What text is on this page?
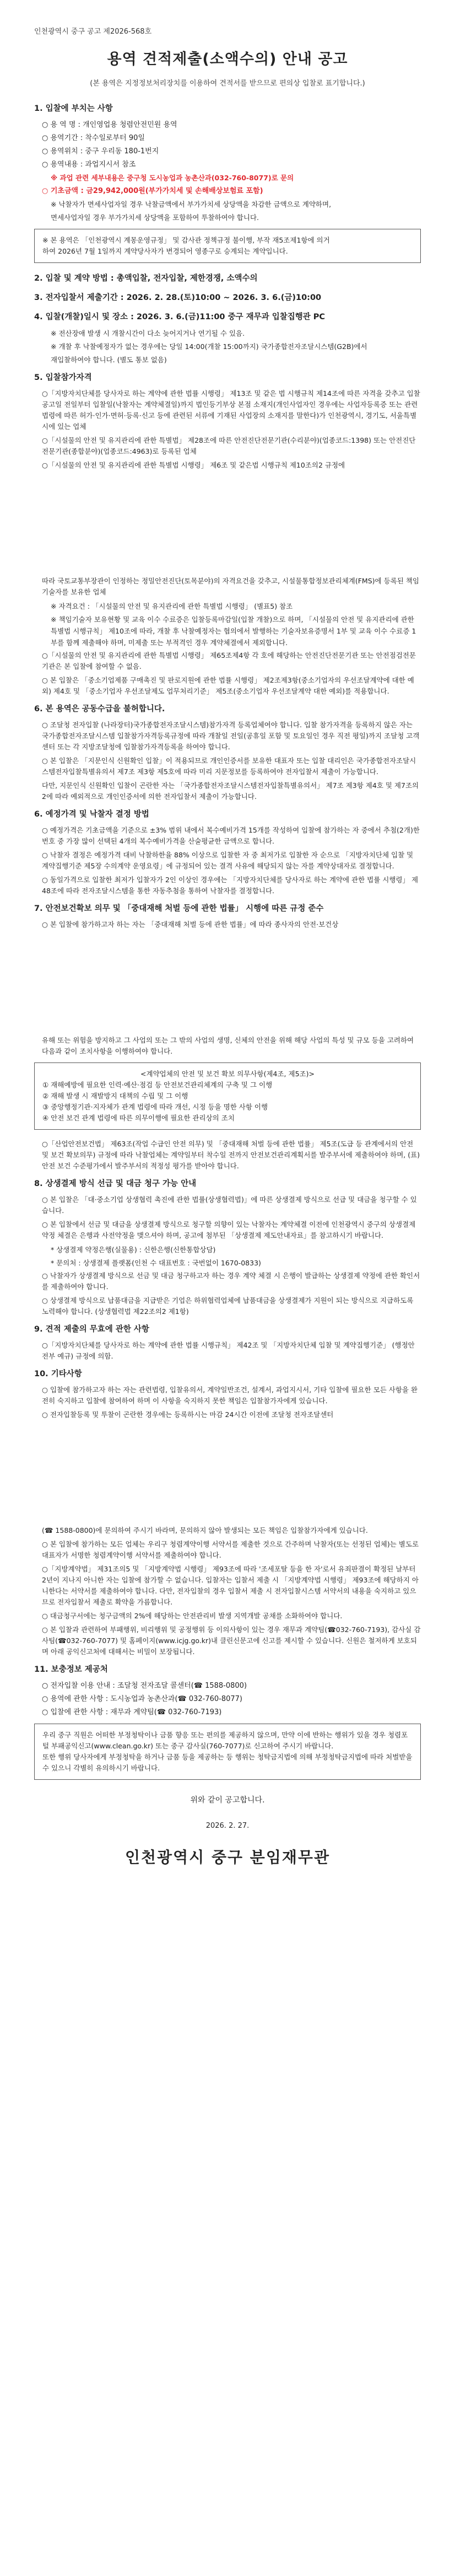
인천광역시 중구 공고 제2026-568호
용역 견적제출(소액수의) 안내 공고
(본 용역은 지정정보처리장치를 이용하여 견적서를 받으므로 편의상 입찰로 표기합니다.)
1. 입찰에 부치는 사항
○ 용 역 명 : 개인영업용 청렴안전민원 용역
○ 용역기간 : 착수일로부터 90일
○ 용역위치 : 중구 우리동 180-1번지
○ 용역내용 : 과업지시서 참조
※ 과업 관련 세부내용은 중구청 도시농업과 농촌산과(032-760-8077)로 문의
○ 기초금액 : 금29,942,000원(부가가치세 및 손해배상보험료 포함)
※ 낙찰자가 면세사업자일 경우 낙찰금액에서 부가가치세 상당액을 차감한 금액으로 계약하며,
면세사업자일 경우 부가가치세 상당액을 포함하여 투찰하여야 합니다.
※ 본 용역은 「인천광역시 계몽운영규정」 및 감사관 정책규정 불이행, 부작 재5조제1항에 의거
하여 2026년 7월 1일까지 계약당사자가 변경되어 영종구로 승계되는 계약입니다.
2. 입찰 및 계약 방법 : 총액입찰, 전자입찰, 제한경쟁, 소액수의
3. 전자입찰서 제출기간 : 2026. 2. 28.(토)10:00 ~ 2026. 3. 6.(금)10:00
4. 입찰(개찰)일시 및 장소 : 2026. 3. 6.(금)11:00 중구 재무과 입찰집행관 PC
※ 전산장애 발생 시 개찰시간이 다소 늦어지거나 연기될 수 있음.
※ 개찰 후 낙찰예정자가 없는 경우에는 당일 14:00(개찰 15:00까지) 국가종합전자조달시스템(G2B)에서
재입찰하여야 합니다. (별도 통보 없음)
5. 입찰참가자격
○「지방자치단체를 당사자로 하는 계약에 관한 법률 시행령」 제13조 및 같은 법 시행규칙 제14조에 따른 자격을 갖추고 입찰공고일 전일부터 입찰일(낙찰자는 계약체결일)까지 법인등기부상 본점 소재지(개인사업자인 경우에는 사업자등록증 또는 관련 법령에 따른 허가·인가·면허·등록·신고 등에 관련된 서류에 기재된 사업장의 소재지를 말한다)가 인천광역시, 경기도, 서울특별시에 있는 업체
○「시설물의 안전 및 유지관리에 관한 특별법」 제28조에 따른 안전진단전문기관(수리분야)(업종코드:1398) 또는 안전진단전문기관(종합분야)(업종코드:4963)로 등록된 업체
○「시설물의 안전 및 유지관리에 관한 특별법 시행령」 제6조 및 같은법 시행규칙 제10조의2 규정에
따라 국토교통부장관이 인정하는 정밀안전진단(토목분야)의 자격요건을 갖추고, 시설물통합정보관리체계(FMS)에 등록된 책임기술자를 보유한 업체
※ 자격요건 : 「시설물의 안전 및 유지관리에 관한 특별법 시행령」 (별표5) 참조
※ 책임기술자 보유현황 및 교육 이수 수료증은 입찰등록마감일(입찰 개찰)으로 하며, 「시설물의 안전 및 유지관리에 관한 특별법 시행규칙」 제10조에 따라, 개찰 후 낙찰예정자는 협의에서 발행하는 기술자보유증명서 1부 및 교육 이수 수료증 1부를 함께 제출해야 하며, 미제출 또는 부적격인 경우 계약체결에서 제외합니다.
○「시설물의 안전 및 유지관리에 관한 특별법 시행령」 제65조제4항 각 호에 해당하는 안전진단전문기관 또는 안전점검전문기관은 본 입찰에 참여할 수 없음.
○ 본 입찰은 「중소기업제품 구매촉진 및 판로지원에 관한 법률 시행령」 제2조제3항(중소기업자의 우선조달계약에 대한 예외) 제4호 및 「중소기업자 우선조달제도 업무처리기준」 제5조(중소기업자 우선조달계약 대한 예외)를 적용합니다.
6. 본 용역은 공동수급을 불허합니다.
○ 조달청 전자입찰 (나라장터)국가종합전자조달시스템)참가자격 등록업체여야 합니다. 입찰 참가자격을 등록하지 않은 자는 국가종합전자조달시스템 입찰참가자격등록규정에 따라 개찰일 전일(공휴일 포함 및 토요일인 경우 직전 평일)까지 조달청 고객센터 또는 각 지방조달청에 입찰참가자격등록을 하여야 합니다.
○ 본 입찰은 「지문인식 신원확인 입찰」이 적용되므로 개인인증서를 보유한 대표자 또는 입찰 대리인은 국가종합전자조달시스템전자입찰특별유의서 제7조 제3항 제5호에 따라 미리 지문정보를 등록하여야 전자입찰서 제출이 가능합니다.
다만, 지문인식 신원확인 입찰이 곤란한 자는 「국가종합전자조달시스템전자입찰특별유의서」 제7조 제3항 제4호 및 제7조의 2에 따라 예외적으로 개인인증서에 의한 전자입찰서 제출이 가능합니다.
6. 예정가격 및 낙찰자 결정 방법
○ 예정가격은 기초금액을 기준으로 ±3% 범위 내에서 복수예비가격 15개를 작성하여 입찰에 참가하는 자 중에서 추첨(2개)한 번호 중 가장 많이 선택된 4개의 복수예비가격을 산술평균한 금액으로 합니다.
○ 낙찰자 결정은 예정가격 대비 낙찰하한율 88% 이상으로 입찰한 자 중 최저가로 입찰한 자 순으로 「지방자치단체 입찰 및 계약집행기준 제5장 수의계약 운영요령」에 규정되어 있는 결격 사유에 해당되지 않는 자를 계약상대자로 결정합니다.
○ 동일가격으로 입찰한 최저가 입찰자가 2인 이상인 경우에는 「지방자치단체를 당사자로 하는 계약에 관한 법률 시행령」 제48조에 따라 전자조달시스템을 통한 자동추첨을 통하여 낙찰자를 결정합니다.
7. 안전보건확보 의무 및 「중대재해 처벌 등에 관한 법률」 시행에 따른 규정 준수
○ 본 입찰에 참가하고자 하는 자는 「중대재해 처벌 등에 관한 법률」에 따라 종사자의 안전·보건상
유해 또는 위험을 방지하고 그 사업의 또는 그 밖의 사업의 생명, 신체의 안전을 위해 해당 사업의 특성 및 규모 등을 고려하여 다음과 같이 조치사항을 이행하여야 합니다.
<계약업체의 안전 및 보건 확보 의무사항(제4조, 제5조)>
① 재해예방에 필요한 인력·예산·점검 등 안전보건관리체계의 구축 및 그 이행
② 재해 발생 시 재발방지 대책의 수립 및 그 이행
③ 중앙행정기관·지자체가 관계 법령에 따라 개선, 시정 등을 명한 사항 이행
④ 안전 보건 관계 법령에 따른 의무이행에 필요한 관리상의 조치
○「산업안전보건법」 제63조(작업 수급인 안전 의무) 및 「중대재해 처벌 등에 관한 법률」 제5조(도급 등 관계에서의 안전 및 보건 확보의무) 규정에 따라 낙찰업체는 계약일부터 착수일 전까지 안전보건관리계획서를 발주부서에 제출하여야 하며, (표)안전 보건 수준평가에서 발주부서의 적정성 평가를 받아야 합니다.
8. 상생결제 방식 선급 및 대금 청구 가능 안내
○ 본 입찰은 「대·중소기업 상생협력 촉진에 관한 법률(상생협력법)」에 따른 상생결제 방식으로 선급 및 대금을 청구할 수 있습니다.
○ 본 입찰에서 선금 및 대금을 상생결제 방식으로 청구할 의향이 있는 낙찰자는 계약체결 이전에 인천광역시 중구의 상생결제 약정 체결은 은행과 사전약정을 맺으셔야 하며, 공고에 첨부된 「상생결제 제도안내자료」를 참고하시기 바랍니다.
* 상생결제 약정은행(실물용) : 신한은행(신한통합상담)
* 문의처 : 상생결제 플랫폼(인천 수 대표번호 : 국번없이 1670-0833)
○ 낙찰자가 상생결제 방식으로 선금 및 대금 청구하고자 하는 경우 계약 체결 시 은행이 발급하는 상생결제 약정에 관한 확인서를 제출하여야 합니다.
○ 상생결제 방식으로 납품대금을 지급받은 기업은 하위협력업체에 납품대금을 상생결제가 지원이 되는 방식으로 지급하도록 노력해야 합니다. (상생협력법 제22조의2 제1항)
9. 견적 제출의 무효에 관한 사항
○「지방자치단체를 당사자로 하는 계약에 관한 법률 시행규칙」 제42조 및 「지방자치단체 입찰 및 계약집행기준」 (행정안전부 예규) 규정에 의함.
10. 기타사항
○ 입찰에 참가하고자 하는 자는 관련법령, 입찰유의서, 계약일반조건, 설계서, 과업지시서, 기타 입찰에 필요한 모든 사항을 완전히 숙지하고 입찰에 참여하여 하며 이 사항을 숙지하지 못한 책임은 입찰참가자에게 있습니다.
○ 전자입찰등록 및 투찰이 곤란한 경우에는 등록하시는 마감 24시간 이전에 조달청 전자조달센터
(☎ 1588-0800)에 문의하여 주시기 바라며, 문의하지 않아 발생되는 모든 책임은 입찰참가자에게 있습니다.
○ 본 입찰에 참가하는 모든 업체는 우리구 청렴계약이행 서약서를 제출한 것으로 간주하며 낙찰자(또는 선정된 업체)는 별도로 대표자가 서명한 청렴계약이행 서약서를 제출하여야 합니다.
○「지방계약법」 제31조의5 및 「지방계약법 시행령」 제93조에 따라 '조세포탈 등을 한 자'로서 유죄판결이 확정된 날부터 2년이 지나지 아니한 자는 입찰에 참가할 수 없습니다. 입찰자는 입찰서 제출 시 「지방계약법 시행령」 제93조에 해당하지 아니한다는 서약서를 제출하여야 합니다. 다만, 전자입찰의 경우 입찰서 제출 시 전자입찰시스템 서약서의 내용을 숙지하고 있으므로 전자입찰서 제출로 확약을 가름합니다.
○ 대금청구서에는 청구금액의 2%에 해당하는 안전관리비 발생 지역개발 공채를 소화하여야 합니다.
○ 본 입찰과 관련하여 부패행위, 비리행위 및 공정행위 등 이의사항이 있는 경우 재무과 계약팀(☎032-760-7193), 감사실 감사팀(☎032-760-7077) 및 홈페이지(www.icjg.go.kr)내 클린신문고에 신고를 제시할 수 있습니다. 신원은 철저하게 보호되며 아래 공익신고처에 대해서는 비밀이 보장됩니다.
11. 보충정보 제공처
○ 전자입찰 이용 안내 : 조달청 전자조달 콜센터(☎ 1588-0800)
○ 용역에 관한 사항 : 도시농업과 농촌산과(☎ 032-760-8077)
○ 입찰에 관한 사항 : 재무과 계약팀(☎ 032-760-7193)
우리 중구 직원은 어떠한 부정청탁이나 금품 향응 또는 편의를 제공하지 않으며, 만약 이에 반하는 행위가 있을 경우 청렴포털 부패공익신고(www.clean.go.kr) 또는 중구 감사실(760-7077)로 신고하여 주시기 바랍니다.
또한 행위 당사자에게 부정청탁을 하거나 금품 등을 제공하는 등 행위는 청탁금지법에 의해 부정청탁금지법에 따라 처벌받을 수 있으니 각별히 유의하시기 바랍니다.
위와 같이 공고합니다.
2026. 2. 27.
인천광역시 중구 분임재무관
